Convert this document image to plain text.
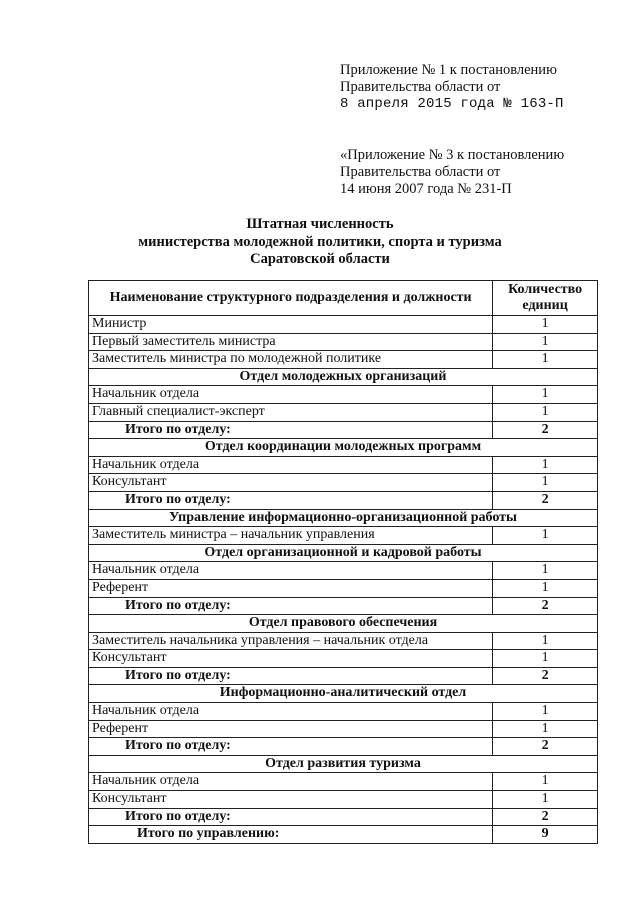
Приложение № 1 к постановлению
Правительства области от
8 апреля 2015 года № 163-П
«Приложение № 3 к постановлению
Правительства области от
14 июня 2007 года № 231-П
Штатная численность
министерства молодежной политики, спорта и туризма
Саратовской области
Наименование структурного подразделения и должности	Количество
единиц
Министр	1
Первый заместитель министра	1
Заместитель министра по молодежной политике	1
Отдел молодежных организаций	
Начальник отдела	1
Главный специалист-эксперт	1
Итого по отделу:	2
Отдел координации молодежных программ	
Начальник отдела	1
Консультант	1
Итого по отделу:	2
Управление информационно-организационной работы	
Заместитель министра – начальник управления	1
Отдел организационной и кадровой работы	
Начальник отдела	1
Референт	1
Итого по отделу:	2
Отдел правового обеспечения	
Заместитель начальника управления – начальник отдела	1
Консультант	1
Итого по отделу:	2
Информационно-аналитический отдел	
Начальник отдела	1
Референт	1
Итого по отделу:	2
Отдел развития туризма	
Начальник отдела	1
Консультант	1
Итого по отделу:	2
Итого по управлению:	9
